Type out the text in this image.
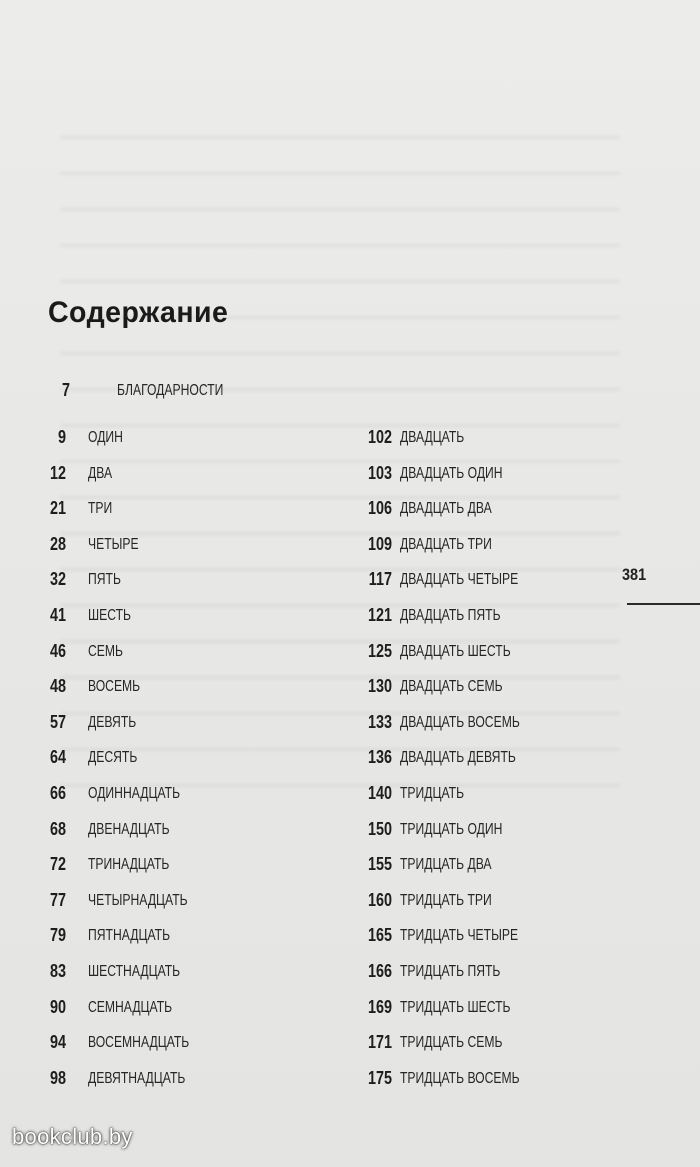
Содержание
7	БЛАГОДАРНОСТИ
9 ОДИН
12 ДВА
21 ТРИ
28 ЧЕТЫРЕ
32 ПЯТЬ
41 ШЕСТЬ
46 СЕМЬ
48 ВОСЕМЬ
57 ДЕВЯТЬ
64 ДЕСЯТЬ
66 ОДИННАДЦАТЬ
68 ДВЕНАДЦАТЬ
72 ТРИНАДЦАТЬ
77 ЧЕТЫРНАДЦАТЬ
79 ПЯТНАДЦАТЬ
83 ШЕСТНАДЦАТЬ
90 СЕМНАДЦАТЬ
94 ВОСЕМНАДЦАТЬ
98 ДЕВЯТНАДЦАТЬ
102 ДВАДЦАТЬ
103 ДВАДЦАТЬ ОДИН
106 ДВАДЦАТЬ ДВА
109 ДВАДЦАТЬ ТРИ
117 ДВАДЦАТЬ ЧЕТЫРЕ
121 ДВАДЦАТЬ ПЯТЬ
125 ДВАДЦАТЬ ШЕСТЬ
130 ДВАДЦАТЬ СЕМЬ
133 ДВАДЦАТЬ ВОСЕМЬ
136 ДВАДЦАТЬ ДЕВЯТЬ
140 ТРИДЦАТЬ
150 ТРИДЦАТЬ ОДИН
155 ТРИДЦАТЬ ДВА
160 ТРИДЦАТЬ ТРИ
165 ТРИДЦАТЬ ЧЕТЫРЕ
166 ТРИДЦАТЬ ПЯТЬ
169 ТРИДЦАТЬ ШЕСТЬ
171 ТРИДЦАТЬ СЕМЬ
175 ТРИДЦАТЬ ВОСЕМЬ
381
bookclub.by
